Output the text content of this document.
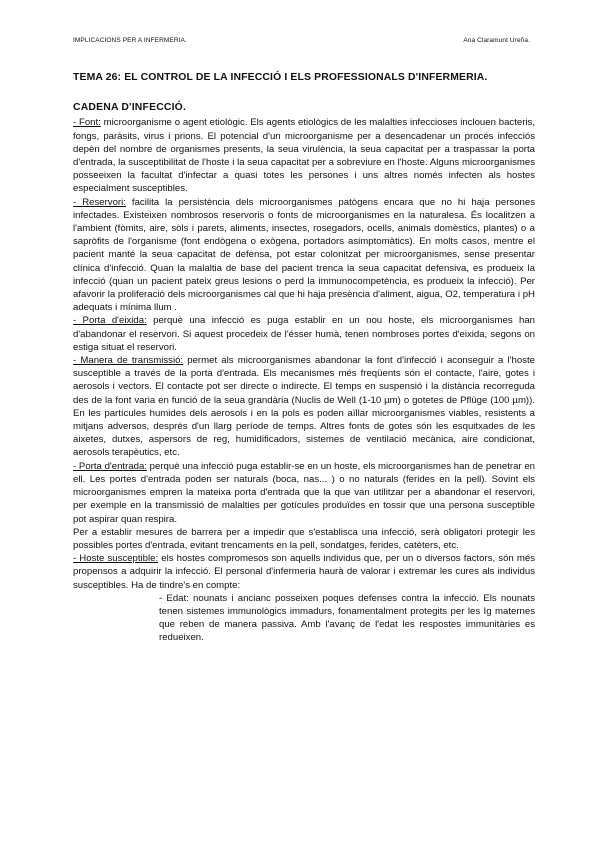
IMPLICACIONS PER A INFERMERIA.	Ana Claramunt Ureña.
TEMA 26: EL CONTROL DE LA INFECCIÓ I ELS PROFESSIONALS D'INFERMERIA.
CADENA D'INFECCIÓ.

- Font: microorganisme o agent etiològic. Els agents etiològics de les malalties infeccioses inclouen bacteris, fongs, paràsits, virus i prions. El potencial d'un microorganisme per a desencadenar un procés infecciós depèn del nombre de organismes presents, la seua virulència, la seua capacitat per a traspassar la porta d'entrada, la susceptibilitat de l'hoste i la seua capacitat per a sobreviure en l'hoste. Alguns microorganismes posseeixen la facultat d'infectar a quasi totes les persones i uns altres només infecten als hostes especialment susceptibles.

- Reservori: facilita la persistència dels microorganismes patògens encara que no hi haja persones infectades. Existeixen nombrosos reservoris o fonts de microorganismes en la naturalesa. És localitzen a l'ambient (fòmits, aire, sòls i parets, aliments, insectes, rosegadors, ocells, animals domèstics, plantes) o a sapròfits de l'organisme (font endògena o exògena, portadors asimptomàtics). En molts casos, mentre el pacient manté la seua capacitat de defensa, pot estar colonitzat per microorganismes, sense presentar clínica d'infecció. Quan la malaltia de base del pacient trenca la seua capacitat defensiva, es produeix la infecció (quan un pacient pateix greus lesions o perd la immunocompetència, es produeix la infecció). Per afavorir la proliferació dels microorganismes cal que hi haja presència d'aliment, aigua, O2, temperatura i pH adequats i mínima llum .

- Porta d'eixida: perquè una infecció es puga establir en un nou hoste, els microorganismes han d'abandonar el reservori. Si aquest procedeix de l'ésser humà, tenen nombroses portes d'eixida, segons on estiga situat el reservori.

- Manera de transmissió: permet als microorganismes abandonar la font d'infecció i aconseguir a l'hoste susceptible a través de la porta d'entrada. Els mecanismes més freqüents són el contacte, l'aire, gotes i aerosols i vectors. El contacte pot ser directe o indirecte. El temps en suspensió i la distància recorreguda des de la font varia en funció de la seua grandària (Nuclis de Well (1-10 µm) o gotetes de Pflüge (100 µm)). En les partícules humides dels aerosols i en la pols es poden aïllar microorganismes viables, resistents a mitjans adversos, després d'un llarg període de temps. Altres fonts de gotes són les esquitxades de les aixetes, dutxes, aspersors de reg, humidificadors, sistemes de ventilació mecànica, aire condicionat, aerosols terapèutics, etc.

- Porta d'entrada: perquè una infecció puga establir-se en un hoste, els microorganismes han de penetrar en ell. Les portes d'entrada poden ser naturals (boca, nas... ) o no naturals (ferides en la pell). Sovint els microorganismes empren la mateixa porta d'entrada que la que van utilitzar per a abandonar el reservori, per exemple en la transmissió de malalties per gotícules produïdes en tossir que una persona susceptible pot aspirar quan respira.

Per a establir mesures de barrera per a impedir que s'establisca una infecció, serà obligatori protegir les possibles portes d'entrada, evitant trencaments en la pell, sondatges, ferides, catèters, etc.

- Hoste susceptible: els hostes compromesos son aquells individus que, per un o diversos factors, són més propensos a adquirir la infecció. El personal d'infermeria haurà de valorar i extremar les cures als individus susceptibles. Ha de tindre's en compte:

- Edat: nounats i ancianc posseixen poques defenses contra la infecció. Els nounats tenen sistemes immunològics immadurs, fonamentalment protegits per les Ig maternes que reben de manera passiva. Amb l'avanç de l'edat les respostes immunitàries es redueixen.
